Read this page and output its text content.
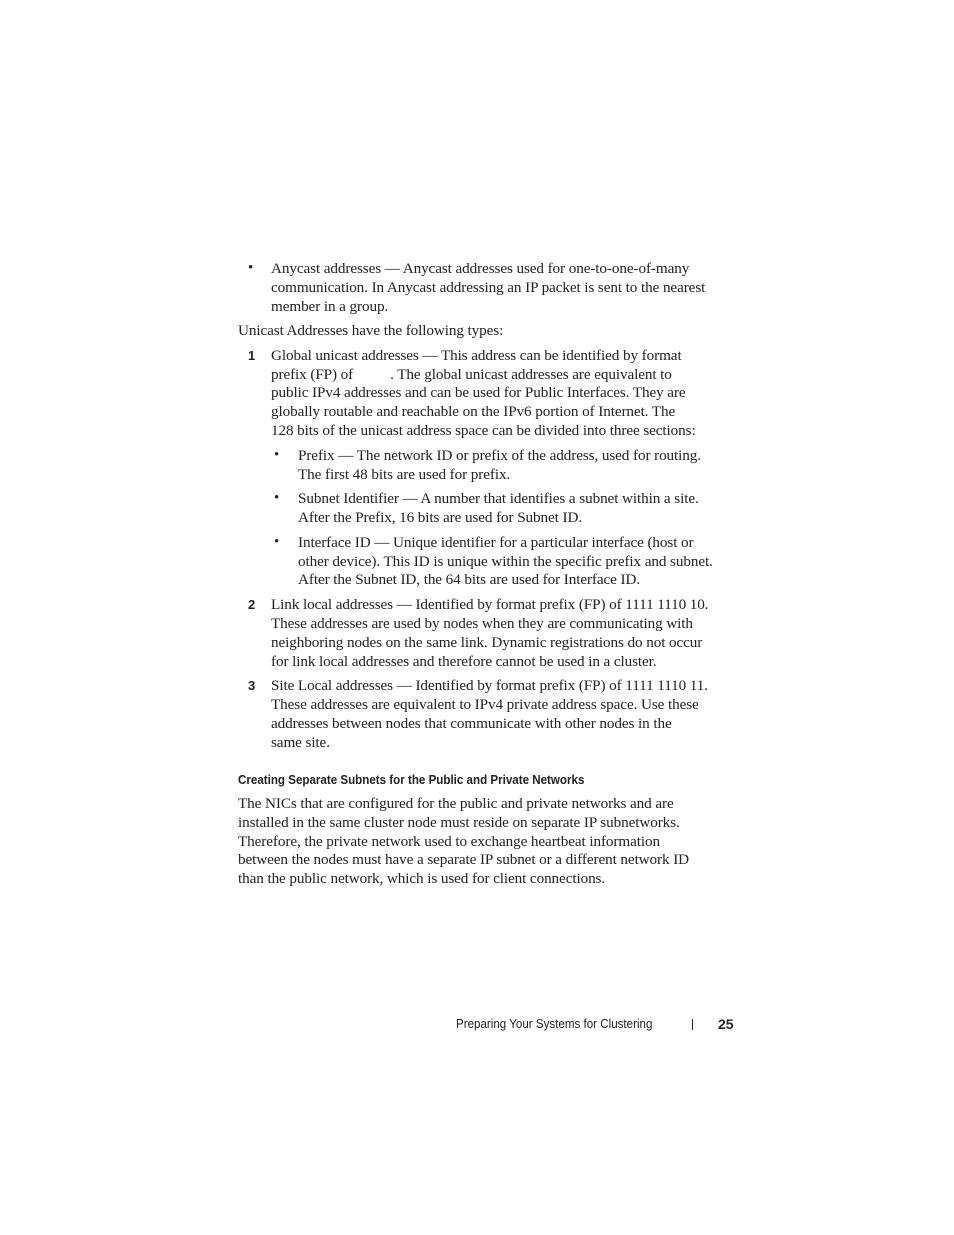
• Anycast addresses — Anycast addresses used for one-to-one-of-many
communication. In Anycast addressing an IP packet is sent to the nearest
member in a group.
Unicast Addresses have the following types:
1 Global unicast addresses — This address can be identified by format
prefix (FP) of          . The global unicast addresses are equivalent to
public IPv4 addresses and can be used for Public Interfaces. They are
globally routable and reachable on the IPv6 portion of Internet. The
128 bits of the unicast address space can be divided into three sections:
• Prefix — The network ID or prefix of the address, used for routing.
The first 48 bits are used for prefix.
• Subnet Identifier — A number that identifies a subnet within a site.
After the Prefix, 16 bits are used for Subnet ID.
• Interface ID — Unique identifier for a particular interface (host or
other device). This ID is unique within the specific prefix and subnet.
After the Subnet ID, the 64 bits are used for Interface ID.
2 Link local addresses — Identified by format prefix (FP) of 1111 1110 10.
These addresses are used by nodes when they are communicating with
neighboring nodes on the same link. Dynamic registrations do not occur
for link local addresses and therefore cannot be used in a cluster.
3 Site Local addresses — Identified by format prefix (FP) of 1111 1110 11.
These addresses are equivalent to IPv4 private address space. Use these
addresses between nodes that communicate with other nodes in the
same site.
Creating Separate Subnets for the Public and Private Networks
The NICs that are configured for the public and private networks and are
installed in the same cluster node must reside on separate IP subnetworks.
Therefore, the private network used to exchange heartbeat information
between the nodes must have a separate IP subnet or a different network ID
than the public network, which is used for client connections.
Preparing Your Systems for Clustering	25
